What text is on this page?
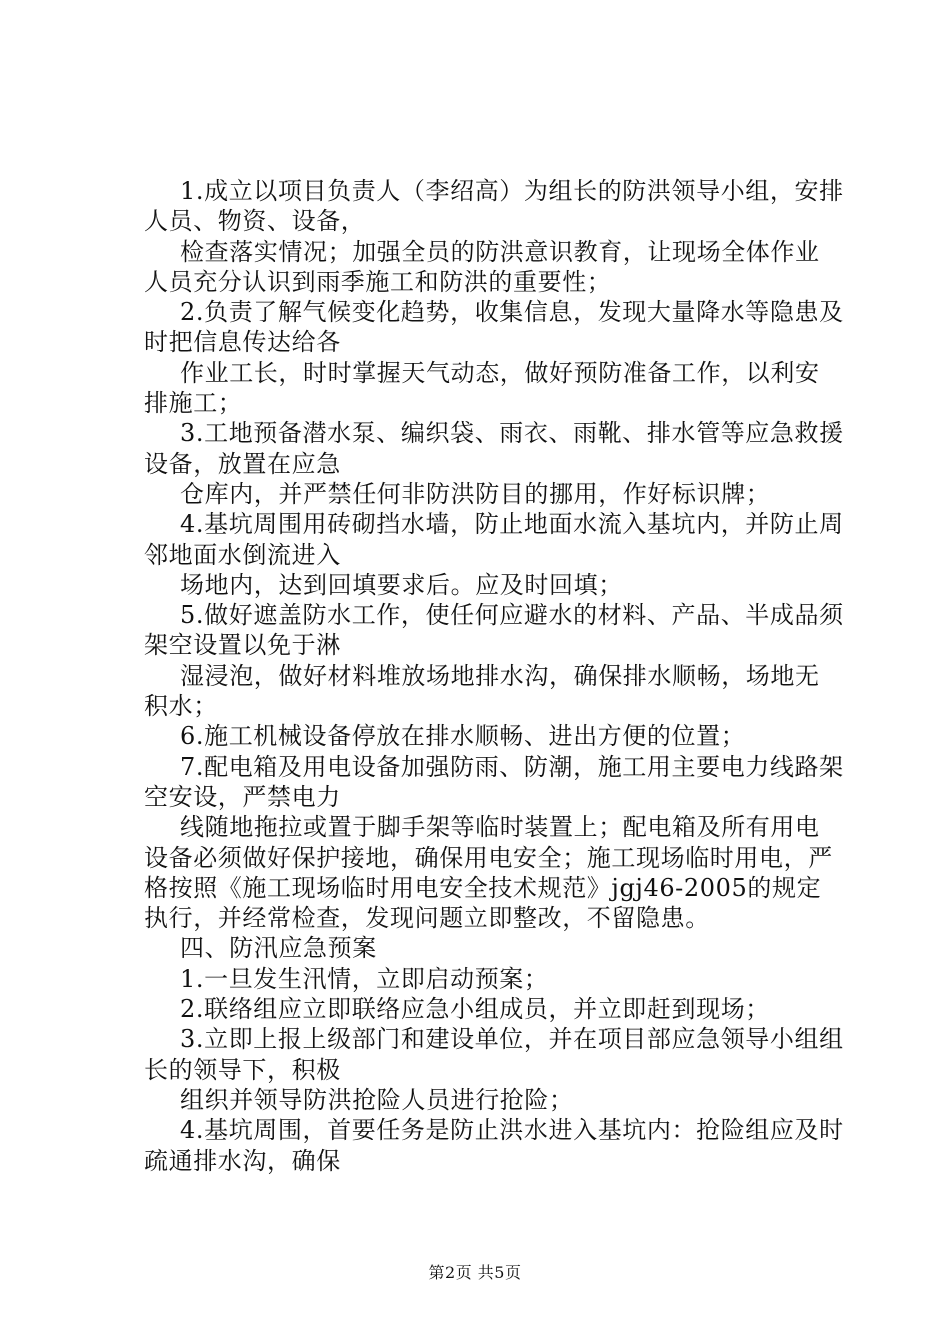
1.成立以项目负责人（李绍高）为组长的防洪领导小组，安排人员、物资、设备，

检查落实情况；加强全员的防洪意识教育，让现场全体作业人员充分认识到雨季施工和防洪的重要性；

2.负责了解气候变化趋势，收集信息，发现大量降水等隐患及时把信息传达给各

作业工长，时时掌握天气动态，做好预防准备工作，以利安排施工；

3.工地预备潜水泵、编织袋、雨衣、雨靴、排水管等应急救援设备，放置在应急

仓库内，并严禁任何非防洪防目的挪用，作好标识牌；

4.基坑周围用砖砌挡水墙，防止地面水流入基坑内，并防止周邻地面水倒流进入

场地内，达到回填要求后。应及时回填；

5.做好遮盖防水工作，使任何应避水的材料、产品、半成品须架空设置以免于淋

湿浸泡，做好材料堆放场地排水沟，确保排水顺畅，场地无积水；

6.施工机械设备停放在排水顺畅、进出方便的位置；

7.配电箱及用电设备加强防雨、防潮，施工用主要电力线路架空安设，严禁电力

线随地拖拉或置于脚手架等临时装置上；配电箱及所有用电设备必须做好保护接地，确保用电安全；施工现场临时用电，严格按照《施工现场临时用电安全技术规范》jgj46-2005的规定执行，并经常检查，发现问题立即整改，不留隐患。

四、防汛应急预案

1.一旦发生汛情，立即启动预案；

2.联络组应立即联络应急小组成员，并立即赶到现场；

3.立即上报上级部门和建设单位，并在项目部应急领导小组组长的领导下，积极

组织并领导防洪抢险人员进行抢险；

4.基坑周围，首要任务是防止洪水进入基坑内：抢险组应及时疏通排水沟，确保

第2页 共5页
